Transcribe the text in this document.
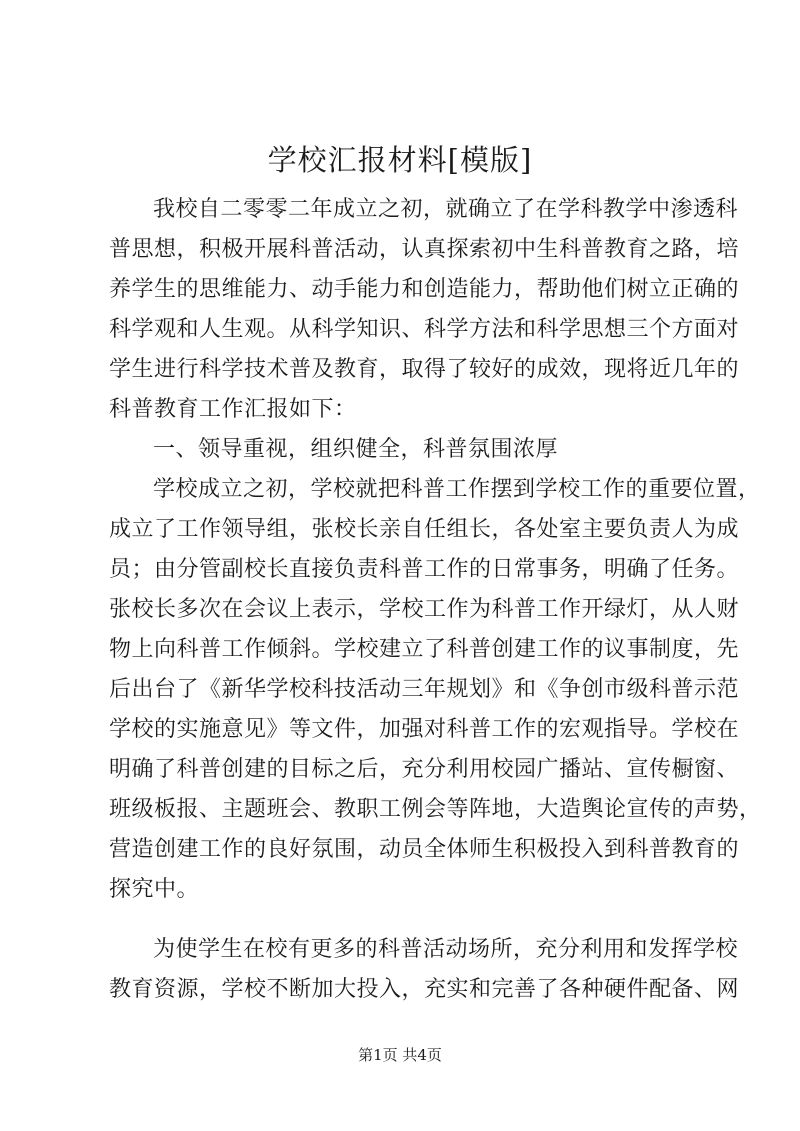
学校汇报材料[模版]
我校自二零零二年成立之初，就确立了在学科教学中渗透科
普思想，积极开展科普活动，认真探索初中生科普教育之路，培
养学生的思维能力、动手能力和创造能力，帮助他们树立正确的
科学观和人生观。从科学知识、科学方法和科学思想三个方面对
学生进行科学技术普及教育，取得了较好的成效，现将近几年的
科普教育工作汇报如下：
一、领导重视，组织健全，科普氛围浓厚
学校成立之初，学校就把科普工作摆到学校工作的重要位置，
成立了工作领导组，张校长亲自任组长，各处室主要负责人为成
员；由分管副校长直接负责科普工作的日常事务，明确了任务。
张校长多次在会议上表示，学校工作为科普工作开绿灯，从人财
物上向科普工作倾斜。学校建立了科普创建工作的议事制度，先
后出台了《新华学校科技活动三年规划》和《争创市级科普示范
学校的实施意见》等文件，加强对科普工作的宏观指导。学校在
明确了科普创建的目标之后，充分利用校园广播站、宣传橱窗、
班级板报、主题班会、教职工例会等阵地，大造舆论宣传的声势，
营造创建工作的良好氛围，动员全体师生积极投入到科普教育的
探究中。
为使学生在校有更多的科普活动场所，充分利用和发挥学校
教育资源，学校不断加大投入，充实和完善了各种硬件配备、网
第1页 共4页
